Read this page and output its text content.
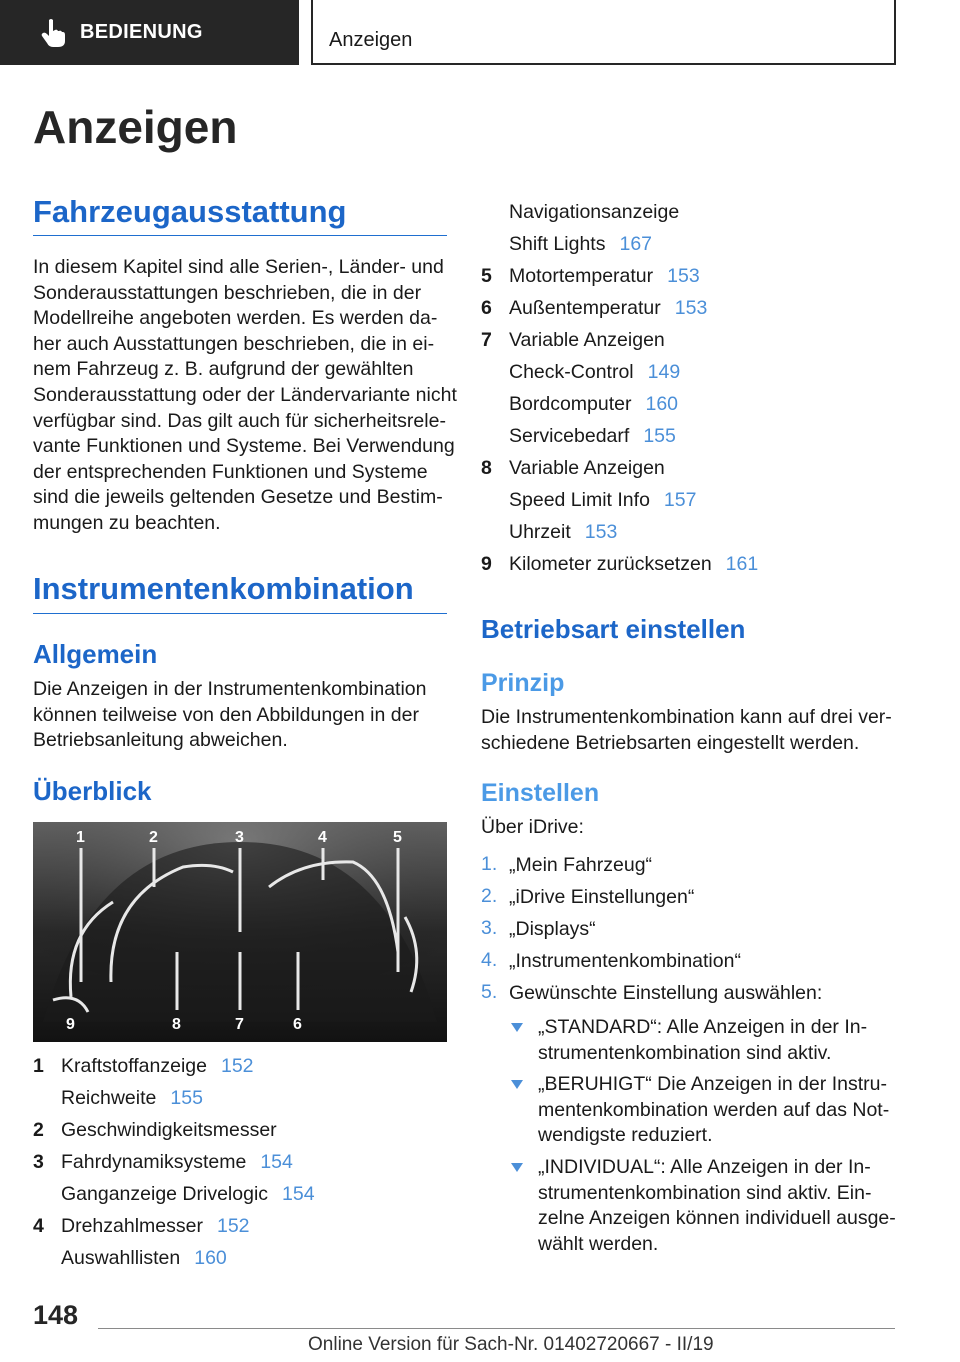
BEDIENUNG	Anzeigen
Anzeigen
Fahrzeugausstattung
In diesem Kapitel sind alle Serien-, Länder- und
Sonderausstattungen beschrieben, die in der
Modellreihe angeboten werden. Es werden da-
her auch Ausstattungen beschrieben, die in ei-
nem Fahrzeug z. B. aufgrund der gewählten
Sonderausstattung oder der Ländervariante nicht
verfügbar sind. Das gilt auch für sicherheitsrele-
vante Funktionen und Systeme. Bei Verwendung
der entsprechenden Funktionen und Systeme
sind die jeweils geltenden Gesetze und Bestim-
mungen zu beachten.
Instrumentenkombination
Allgemein
Die Anzeigen in der Instrumentenkombination
können teilweise von den Abbildungen in der
Betriebsanleitung abweichen.
Überblick
1	2	3	4	5
9	8	7	6
1 Kraftstoffanzeige 152
Reichweite 155
2 Geschwindigkeitsmesser
3 Fahrdynamiksysteme 154
Ganganzeige Drivelogic 154
4 Drehzahlmesser 152
Auswahllisten 160
Navigationsanzeige
Shift Lights 167
5 Motortemperatur 153
6 Außentemperatur 153
7 Variable Anzeigen
Check-Control 149
Bordcomputer 160
Servicebedarf 155
8 Variable Anzeigen
Speed Limit Info 157
Uhrzeit 153
9 Kilometer zurücksetzen 161
Betriebsart einstellen
Prinzip
Die Instrumentenkombination kann auf drei ver-
schiedene Betriebsarten eingestellt werden.
Einstellen
Über iDrive:
1. „Mein Fahrzeug“
2. „iDrive Einstellungen“
3. „Displays“
4. „Instrumentenkombination“
5. Gewünschte Einstellung auswählen:
„STANDARD“: Alle Anzeigen in der In-
strumentenkombination sind aktiv.
„BERUHIGT“ Die Anzeigen in der Instru-
mentenkombination werden auf das Not-
wendigste reduziert.
„INDIVIDUAL“: Alle Anzeigen in der In-
strumentenkombination sind aktiv. Ein-
zelne Anzeigen können individuell ausge-
wählt werden.
148
Online Version für Sach-Nr. 01402720667 - II/19
